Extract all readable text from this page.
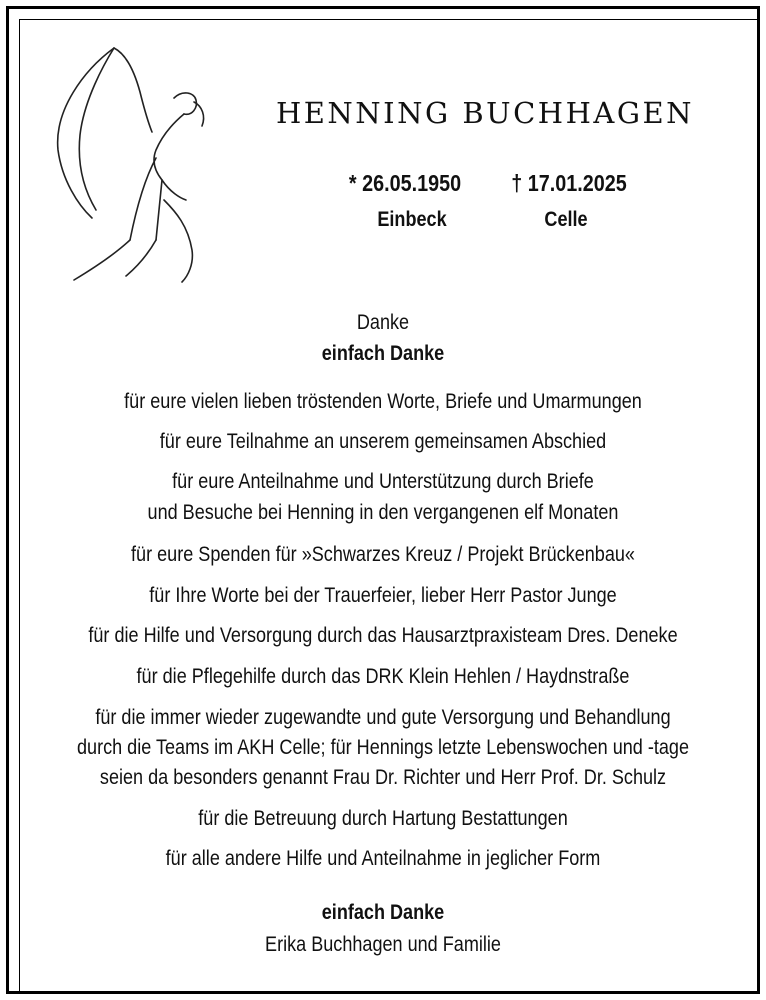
HENNING BUCHHAGEN
* 26.05.1950	† 17.01.2025
Einbeck	Celle
Danke
einfach Danke
für eure vielen lieben tröstenden Worte, Briefe und Umarmungen
für eure Teilnahme an unserem gemeinsamen Abschied
für eure Anteilnahme und Unterstützung durch Briefe
und Besuche bei Henning in den vergangenen elf Monaten
für eure Spenden für »Schwarzes Kreuz / Projekt Brückenbau«
für Ihre Worte bei der Trauerfeier, lieber Herr Pastor Junge
für die Hilfe und Versorgung durch das Hausarztpraxisteam Dres. Deneke
für die Pflegehilfe durch das DRK Klein Hehlen / Haydnstraße
für die immer wieder zugewandte und gute Versorgung und Behandlung
durch die Teams im AKH Celle; für Hennings letzte Lebenswochen und -tage
seien da besonders genannt Frau Dr. Richter und Herr Prof. Dr. Schulz
für die Betreuung durch Hartung Bestattungen
für alle andere Hilfe und Anteilnahme in jeglicher Form
einfach Danke
Erika Buchhagen und Familie
